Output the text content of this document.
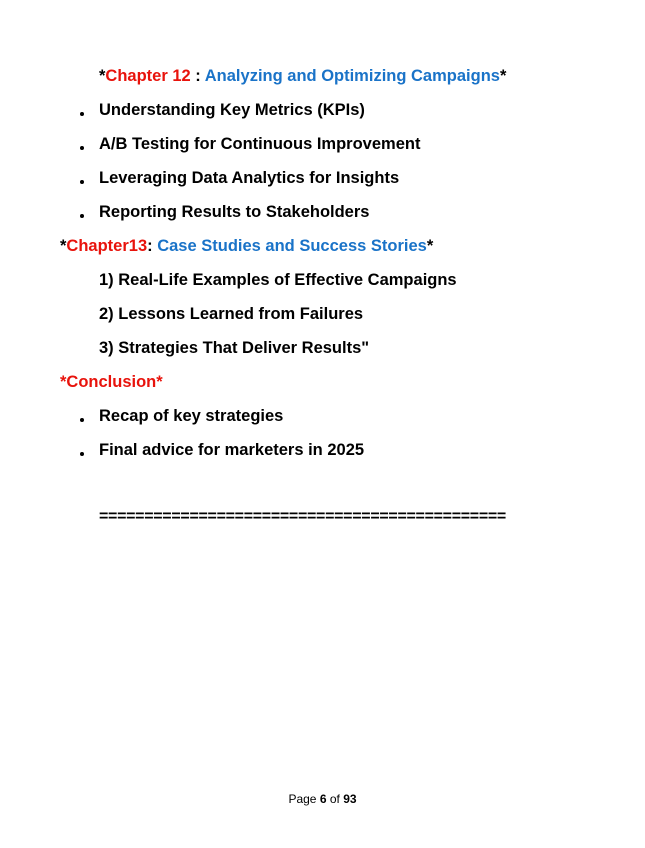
*Chapter 12 : Analyzing and Optimizing Campaigns*
Understanding Key Metrics (KPIs)
A/B Testing for Continuous Improvement
Leveraging Data Analytics for Insights
Reporting Results to Stakeholders
*Chapter13: Case Studies and Success Stories*
1) Real-Life Examples of Effective Campaigns
2) Lessons Learned from Failures
3) Strategies That Deliver Results"
*Conclusion*
Recap of key strategies
Final advice for marketers in 2025
=============================================
Page 6 of 93
